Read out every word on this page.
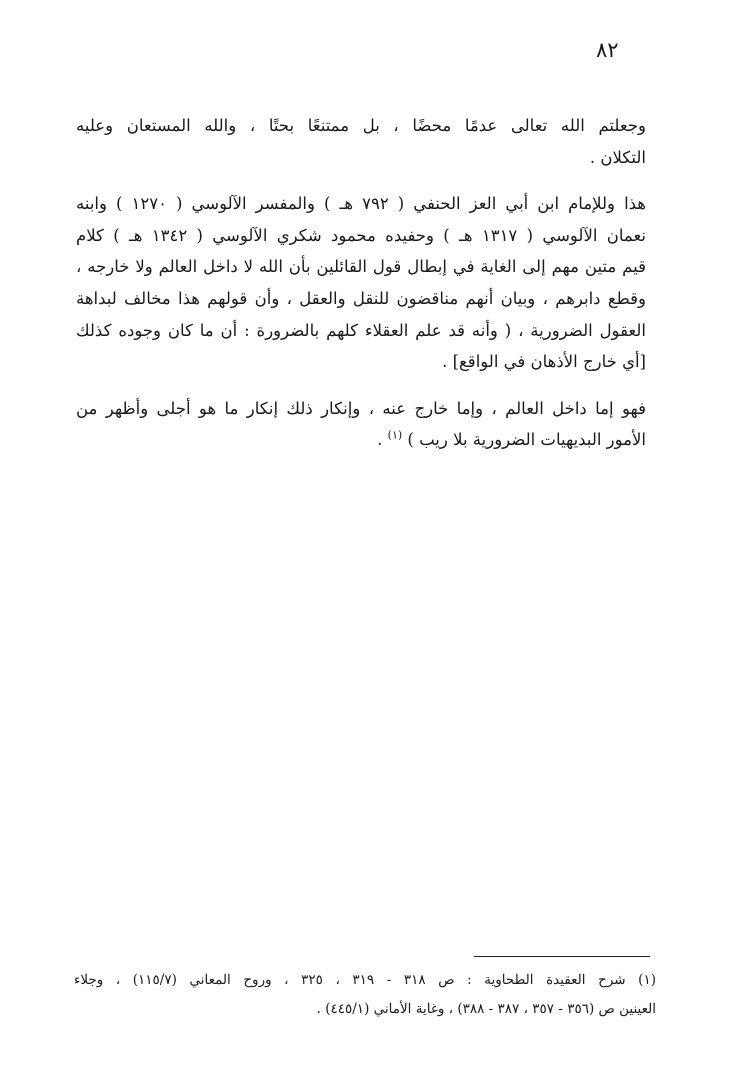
٨٢

وجعلتم الله تعالى عدمًا محضًا ، بل ممتنعًا بحتًا ، والله المستعان وعليه
التكلان .

هذا وللإمام ابن أبي العز الحنفي ( ٧٩٢ هـ ) والمفسر الآلوسي ( ١٢٧٠ ) وابنه
نعمان الآلوسي ( ١٣١٧ هـ ) وحفيده محمود شكري الآلوسي ( ١٣٤٢ هـ ) كلام
قيم متين مهم إلى الغاية في إبطال قول القائلين بأن الله لا داخل العالم ولا خارجه ،
وقطع دابرهم ، وبيان أنهم مناقضون للنقل والعقل ، وأن قولهم هذا مخالف لبداهة
العقول الضرورية ، ( وأنه قد علم العقلاء كلهم بالضرورة : أن ما كان وجوده كذلك
[أي خارج الأذهان في الواقع] .

فهو إما داخل العالم ، وإما خارج عنه ، وإنكار ذلك إنكار ما هو أجلى وأظهر من
الأمور البديهيات الضرورية بلا ريب ) $^{(١)}$ .

(١) شرح العقيدة الطحاوية : ص ٣١٨ - ٣١٩ ، ٣٢٥ ، وروح المعاني (١١٥/٧) ، وجلاء
العينين ص (٣٥٦ - ٣٥٧ ، ٣٨٧ - ٣٨٨) ، وغاية الأماني (٤٤٥/١) .
